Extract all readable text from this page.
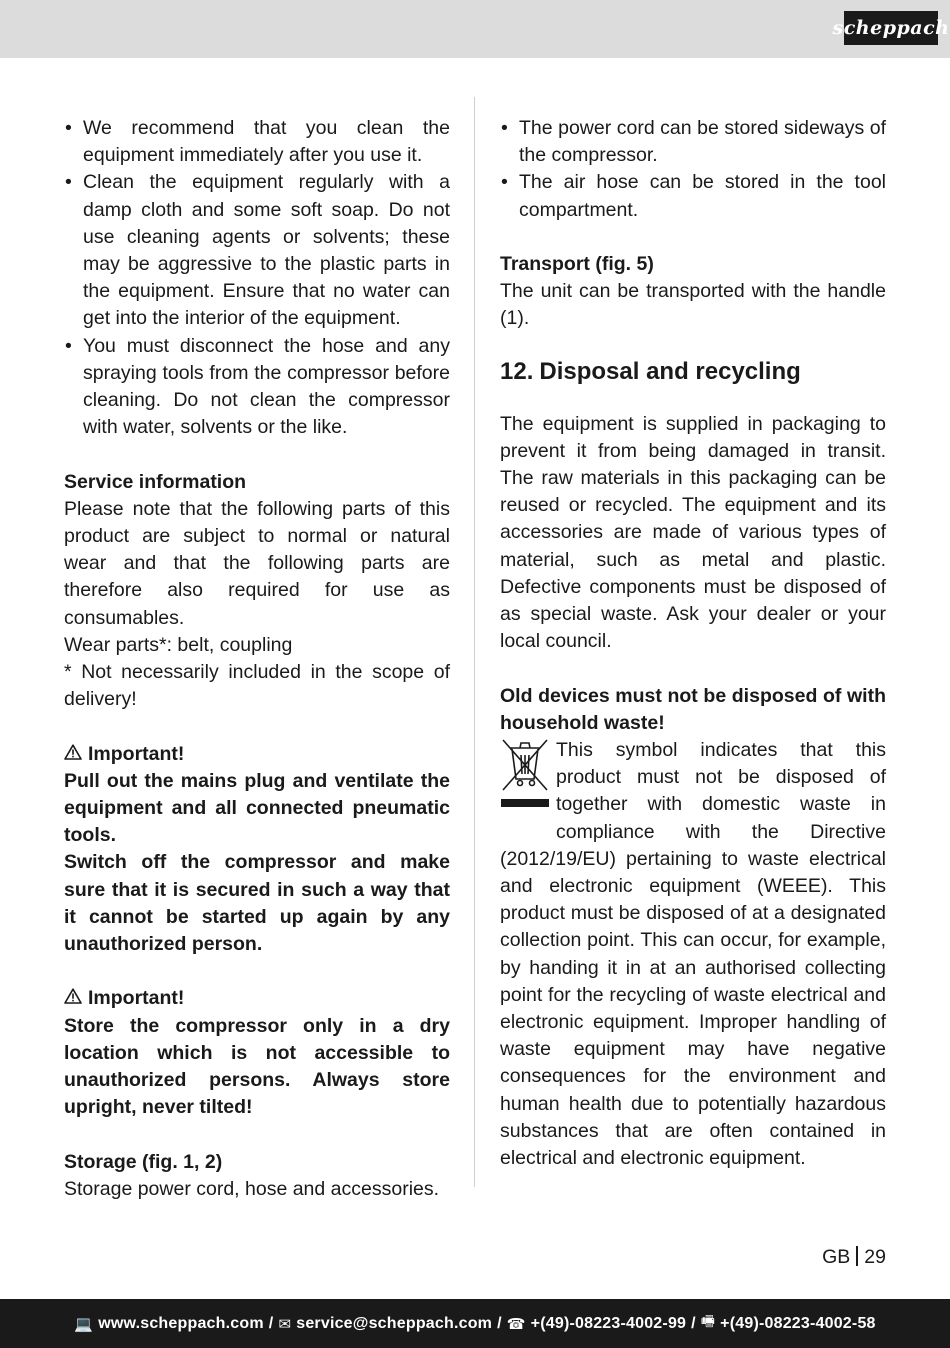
scheppach
• We recommend that you clean the equipment immediately after you use it.
• Clean the equipment regularly with a damp cloth and some soft soap. Do not use cleaning agents or solvents; these may be aggressive to the plastic parts in the equipment. Ensure that no water can get into the interior of the equipment.
• You must disconnect the hose and any spraying tools from the compressor before cleaning. Do not clean the compressor with water, solvents or the like.

Service information

Please note that the following parts of this product are subject to normal or natural wear and that the following parts are therefore also required for use as consumables.

Wear parts*: belt, coupling

* Not necessarily included in the scope of delivery!

Important!

Pull out the mains plug and ventilate the equipment and all connected pneumatic tools.

Switch off the compressor and make sure that it is secured in such a way that it cannot be started up again by any unauthorized person.

Important!

Store the compressor only in a dry location which is not accessible to unauthorized persons. Always store upright, never tilted!

Storage (fig. 1, 2)

Storage power cord, hose and accessories.

• The power cord can be stored sideways of the compressor.
• The air hose can be stored in the tool compartment.

Transport (fig. 5)

The unit can be transported with the handle (1).

12. Disposal and recycling

The equipment is supplied in packaging to prevent it from being damaged in transit. The raw materials in this packaging can be reused or recycled. The equipment and its accessories are made of various types of material, such as metal and plastic. Defective components must be disposed of as special waste. Ask your dealer or your local council.

Old devices must not be disposed of with household waste!

This symbol indicates that this product must not be disposed of together with domestic waste in compliance with the Directive (2012/19/EU) pertaining to waste electrical and electronic equipment (WEEE). This product must be disposed of at a designated collection point. This can occur, for example, by handing it in at an authorised collecting point for the recycling of waste electrical and electronic equipment. Improper handling of waste equipment may have negative consequences for the environment and human health due to potentially hazardous substances that are often contained in electrical and electronic equipment.

GB 29
💻 www.scheppach.com / ✉ service@scheppach.com / ☎ +(49)-08223-4002-99 / 🖷 +(49)-08223-4002-58
